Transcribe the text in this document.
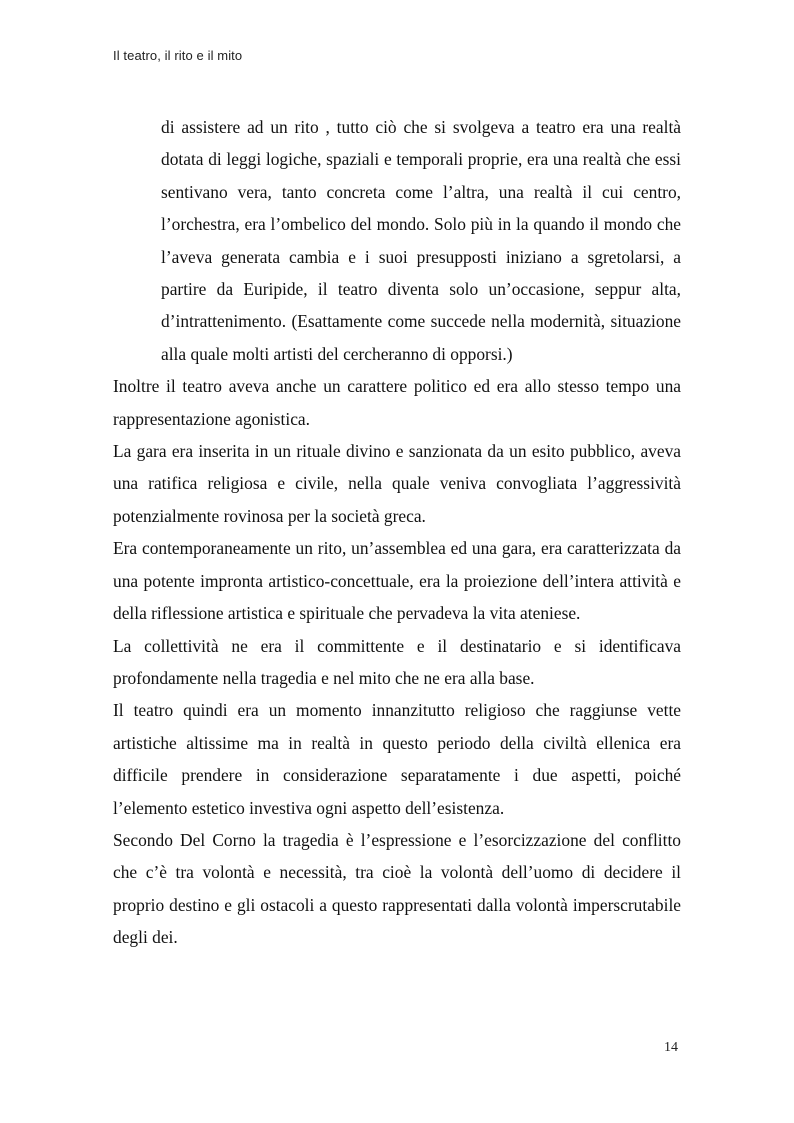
Il teatro, il rito e il mito

di assistere ad un rito , tutto ciò che si svolgeva a teatro era una realtà dotata di leggi logiche, spaziali e temporali proprie, era una realtà che essi sentivano vera, tanto concreta come l’altra, una realtà il cui centro, l’orchestra, era l’ombelico del mondo. Solo più in la quando il mondo che l’aveva generata cambia e i suoi presupposti iniziano a sgretolarsi, a partire da Euripide, il teatro diventa solo un’occasione, seppur alta, d’intrattenimento. (Esattamente come succede nella modernità, situazione alla quale molti artisti del cercheranno di opporsi.)

Inoltre il teatro aveva anche un carattere politico ed era allo stesso tempo una rappresentazione agonistica.

La gara era inserita in un rituale divino e sanzionata da un esito pubblico, aveva una ratifica religiosa e civile, nella quale veniva convogliata l’aggressività potenzialmente rovinosa per la società greca.

Era contemporaneamente un rito, un’assemblea ed una gara, era caratterizzata da una potente impronta artistico-concettuale, era la proiezione dell’intera attività e della riflessione artistica e spirituale che pervadeva la vita ateniese.

La collettività ne era il committente e il destinatario e si identificava profondamente nella tragedia e nel mito che ne era alla base.

Il teatro quindi era un momento innanzitutto religioso che raggiunse vette artistiche altissime ma in realtà in questo periodo della civiltà ellenica era difficile prendere in considerazione separatamente i due aspetti, poiché l’elemento estetico investiva ogni aspetto dell’esistenza.

Secondo Del Corno la tragedia è l’espressione e l’esorcizzazione del conflitto che c’è tra volontà e necessità, tra cioè la volontà dell’uomo di decidere il proprio destino e gli ostacoli a questo rappresentati dalla volontà imperscrutabile degli dei.

14
